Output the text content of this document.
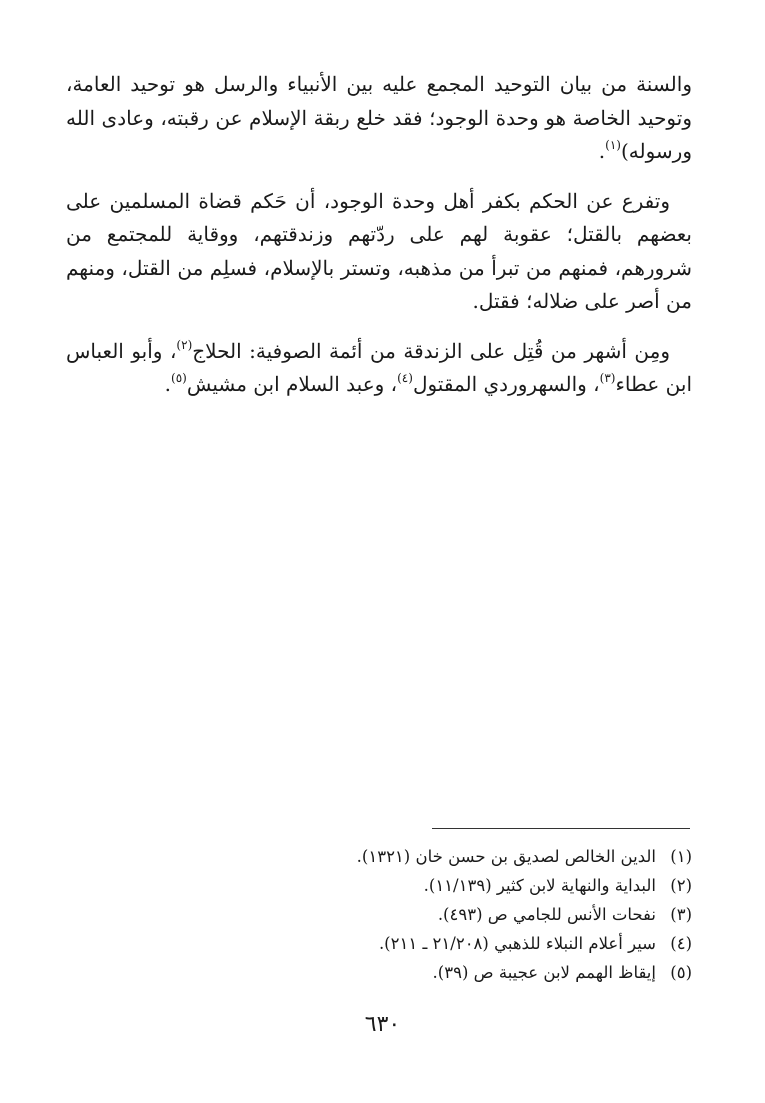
والسنة من بيان التوحيد المجمع عليه بين الأنبياء والرسل هو توحيد العامة، وتوحيد الخاصة هو وحدة الوجود؛ فقد خلع ربقة الإسلام عن رقبته، وعادى الله ورسوله)$^{(١)}$.

وتفرع عن الحكم بكفر أهل وحدة الوجود، أن حَكم قضاة المسلمين على بعضهم بالقتل؛ عقوبة لهم على ردّتهم وزندقتهم، ووقاية للمجتمع من شرورهم، فمنهم من تبرأ من مذهبه، وتستر بالإسلام، فسلِم من القتل، ومنهم من أصر على ضلاله؛ فقتل.

ومِن أشهر من قُتِل على الزندقة من أئمة الصوفية: الحلاج$^{(٢)}$، وأبو العباس ابن عطاء$^{(٣)}$، والسهروردي المقتول$^{(٤)}$، وعبد السلام ابن مشيش$^{(٥)}$.

(١)الدين الخالص لصديق بن حسن خان (١٣٢١).
(٢)البداية والنهاية لابن كثير (١١/١٣٩).
(٣)نفحات الأنس للجامي ص (٤٩٣).
(٤)سير أعلام النبلاء للذهبي (٢١/٢٠٨ ـ ٢١١).
(٥)إيقاظ الهمم لابن عجيبة ص (٣٩).
٦٣٠
